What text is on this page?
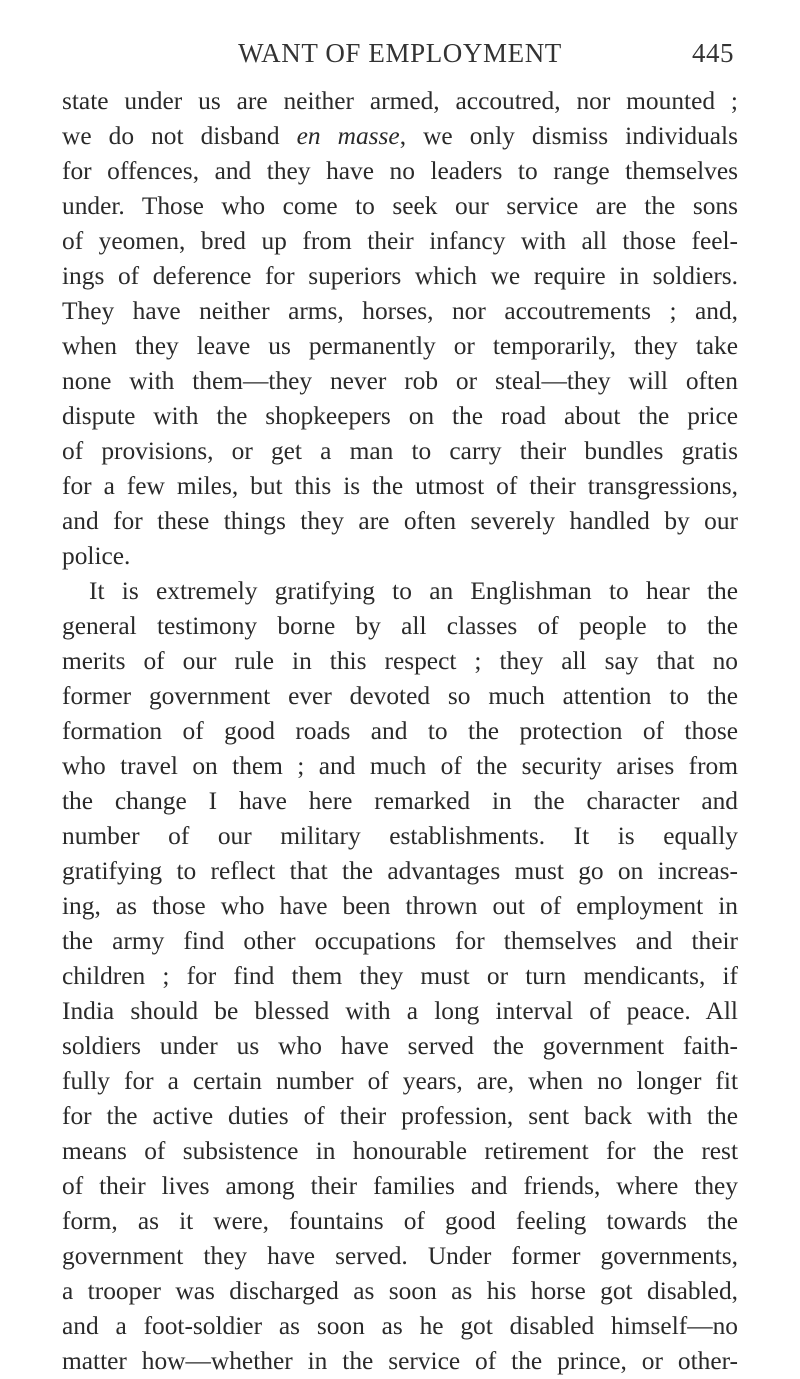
WANT OF EMPLOYMENT	445
state under us are neither armed, accoutred, nor mounted ;
we do not disband en masse, we only dismiss individuals
for offences, and they have no leaders to range themselves
under. Those who come to seek our service are the sons
of yeomen, bred up from their infancy with all those feel-
ings of deference for superiors which we require in soldiers.
They have neither arms, horses, nor accoutrements ; and,
when they leave us permanently or temporarily, they take
none with them—they never rob or steal—they will often
dispute with the shopkeepers on the road about the price
of provisions, or get a man to carry their bundles gratis
for a few miles, but this is the utmost of their transgressions,
and for these things they are often severely handled by our
police.
It is extremely gratifying to an Englishman to hear the
general testimony borne by all classes of people to the
merits of our rule in this respect ; they all say that no
former government ever devoted so much attention to the
formation of good roads and to the protection of those
who travel on them ; and much of the security arises from
the change I have here remarked in the character and
number of our military establishments. It is equally
gratifying to reflect that the advantages must go on increas-
ing, as those who have been thrown out of employment in
the army find other occupations for themselves and their
children ; for find them they must or turn mendicants, if
India should be blessed with a long interval of peace. All
soldiers under us who have served the government faith-
fully for a certain number of years, are, when no longer fit
for the active duties of their profession, sent back with the
means of subsistence in honourable retirement for the rest
of their lives among their families and friends, where they
form, as it were, fountains of good feeling towards the
government they have served. Under former governments,
a trooper was discharged as soon as his horse got disabled,
and a foot-soldier as soon as he got disabled himself—no
matter how—whether in the service of the prince, or other-
